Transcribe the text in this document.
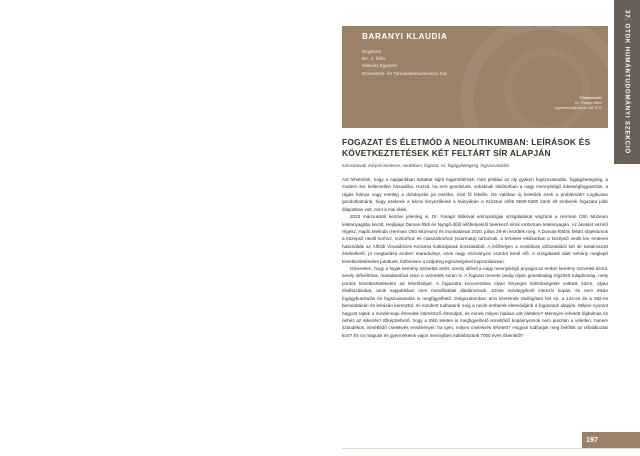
BARANYI KLAUDIA
Régészet
BA, 3. félév
Miskolci Egyetem
Bölcsészet- és Társadalomtudományi Kar
Témavezető:
Dr. Faragó Ildikó
egyetemi adjunktus, ME BTK	37. OTDK HUMÁNTUDOMÁNYI SZEKCIÓ
FOGAZAT ÉS ÉLETMÓD A NEOLITIKUMBAN: LEÍRÁSOK ÉS KÖVETKEZTETÉSEK KÉT FELTÁRT SÍR ALAPJÁN
Kulcsszavak: Kárpát-medence, neolitikum, fogazat, sír, fogágybetegség, fogszuvasodás

Azt hihetnénk, hogy a napjainkban sokakat sújtó fogproblémák, mint például az oly gyakori fogszuvasodás, fogágybetegség, a modern kor kellemetlen hozadéka. Hozzá, ha erre gondolunk, sokaknak elsősorban a nagy mennyiségű édességfogyasztás, a rágás hiánya vagy esetleg a dohányzás jut eszébe, mint fő felelős. De valóban új keletűek ezek a problémák? Logikusan gondolhatnánk, hogy ezeknek a káros tényezőknek a hiányában a Krisztus előtti 5500-5300 körül élt emberek fogazata jobb állapotban volt, mint a mai ékké.

2023 márciusától kezdve jelenleg is, Dr. Faragó Ildikóval antropológiai vizsgálatokat végzünk a Herman Ottó Múzeum leletanyagába került, Hejőpapi Darvas-földi és Nyögő-dűlő lelőhelyekről beérkező sírok embertani leletanyagán. Az ásatást vezető régész, Hajdú Melinda (Herman Ottó Múzeum) és munkatársai 2020. július 29-én kezdték meg. A Darvas-földön feltárt objektumok a középső neolit korhoz, rezkorhoz és császárkorhoz (szarmata) tartoznak, a területet elsősorban a középső neolit kor emberei használták az Alföldi Vonaldíszes Kerámia kultúrájának korszakából. A lelőhelyen a neolitikum időszakából két sír tartalmazott értékelhető, jó megtartású emberi maradványt, ezek nagy szórványos csontot kerül elő. A vizsgálatok alatt nehány meglepő következtetésekre jutottunk, különösen a szájüreg egészségével kapcsolatosan.

Ismeretlen, hogy a fogak kemény szöveteit azért, amely idővel a nagy mennyiségű anyagot az ember kemény szöveteit kézül, amely idővéltolva, maradandóvá teszi e vezredek során is. A fogazat menete pedig olyan genetikailag rögzített tulajdonság, mely pontos következtetésekre ad lehetőséget. A fogazatra koncentrálva olyan lényeges különbségeket vettünk észre, olyan elváltozásokat, amik napjainkban nem mondhatóak általánosnak. Szinte mindegyiknél intenzív kopás, és nem ritkán fogágybusztulás és fogszuvasodás is megfigyelhető. Dolgozatomban arra szeretnék rávilágítani két sír, a 142-es és a 282-es bemutatásán és leírásán keresztül, mi mindent tudhatunk meg a neolit emberek életmódjáról a fogazatuk alapján. Milyen nyomot hagyott rajtuk a mindennapi étrendek különböző étrendjük, és ennek milyen hatása volt életükre? Mennyire lehetett fájdalmas és nehéz az étkezés? Elképzelhető, hogy a több leleten is megfigyelhető ismétlődő kopásnyomok nem pusztán a véletlen, hanem szándékos, ismétlődő cselekvés eredményei; ha igen, milyen cselekvés lehetett? Hogyan tudhatjuk meg belőlük az elhalálozási kort? És mi magunk és gyermekeink vajon mennyiben különbözünk 7000 éves őseinktől?

197
